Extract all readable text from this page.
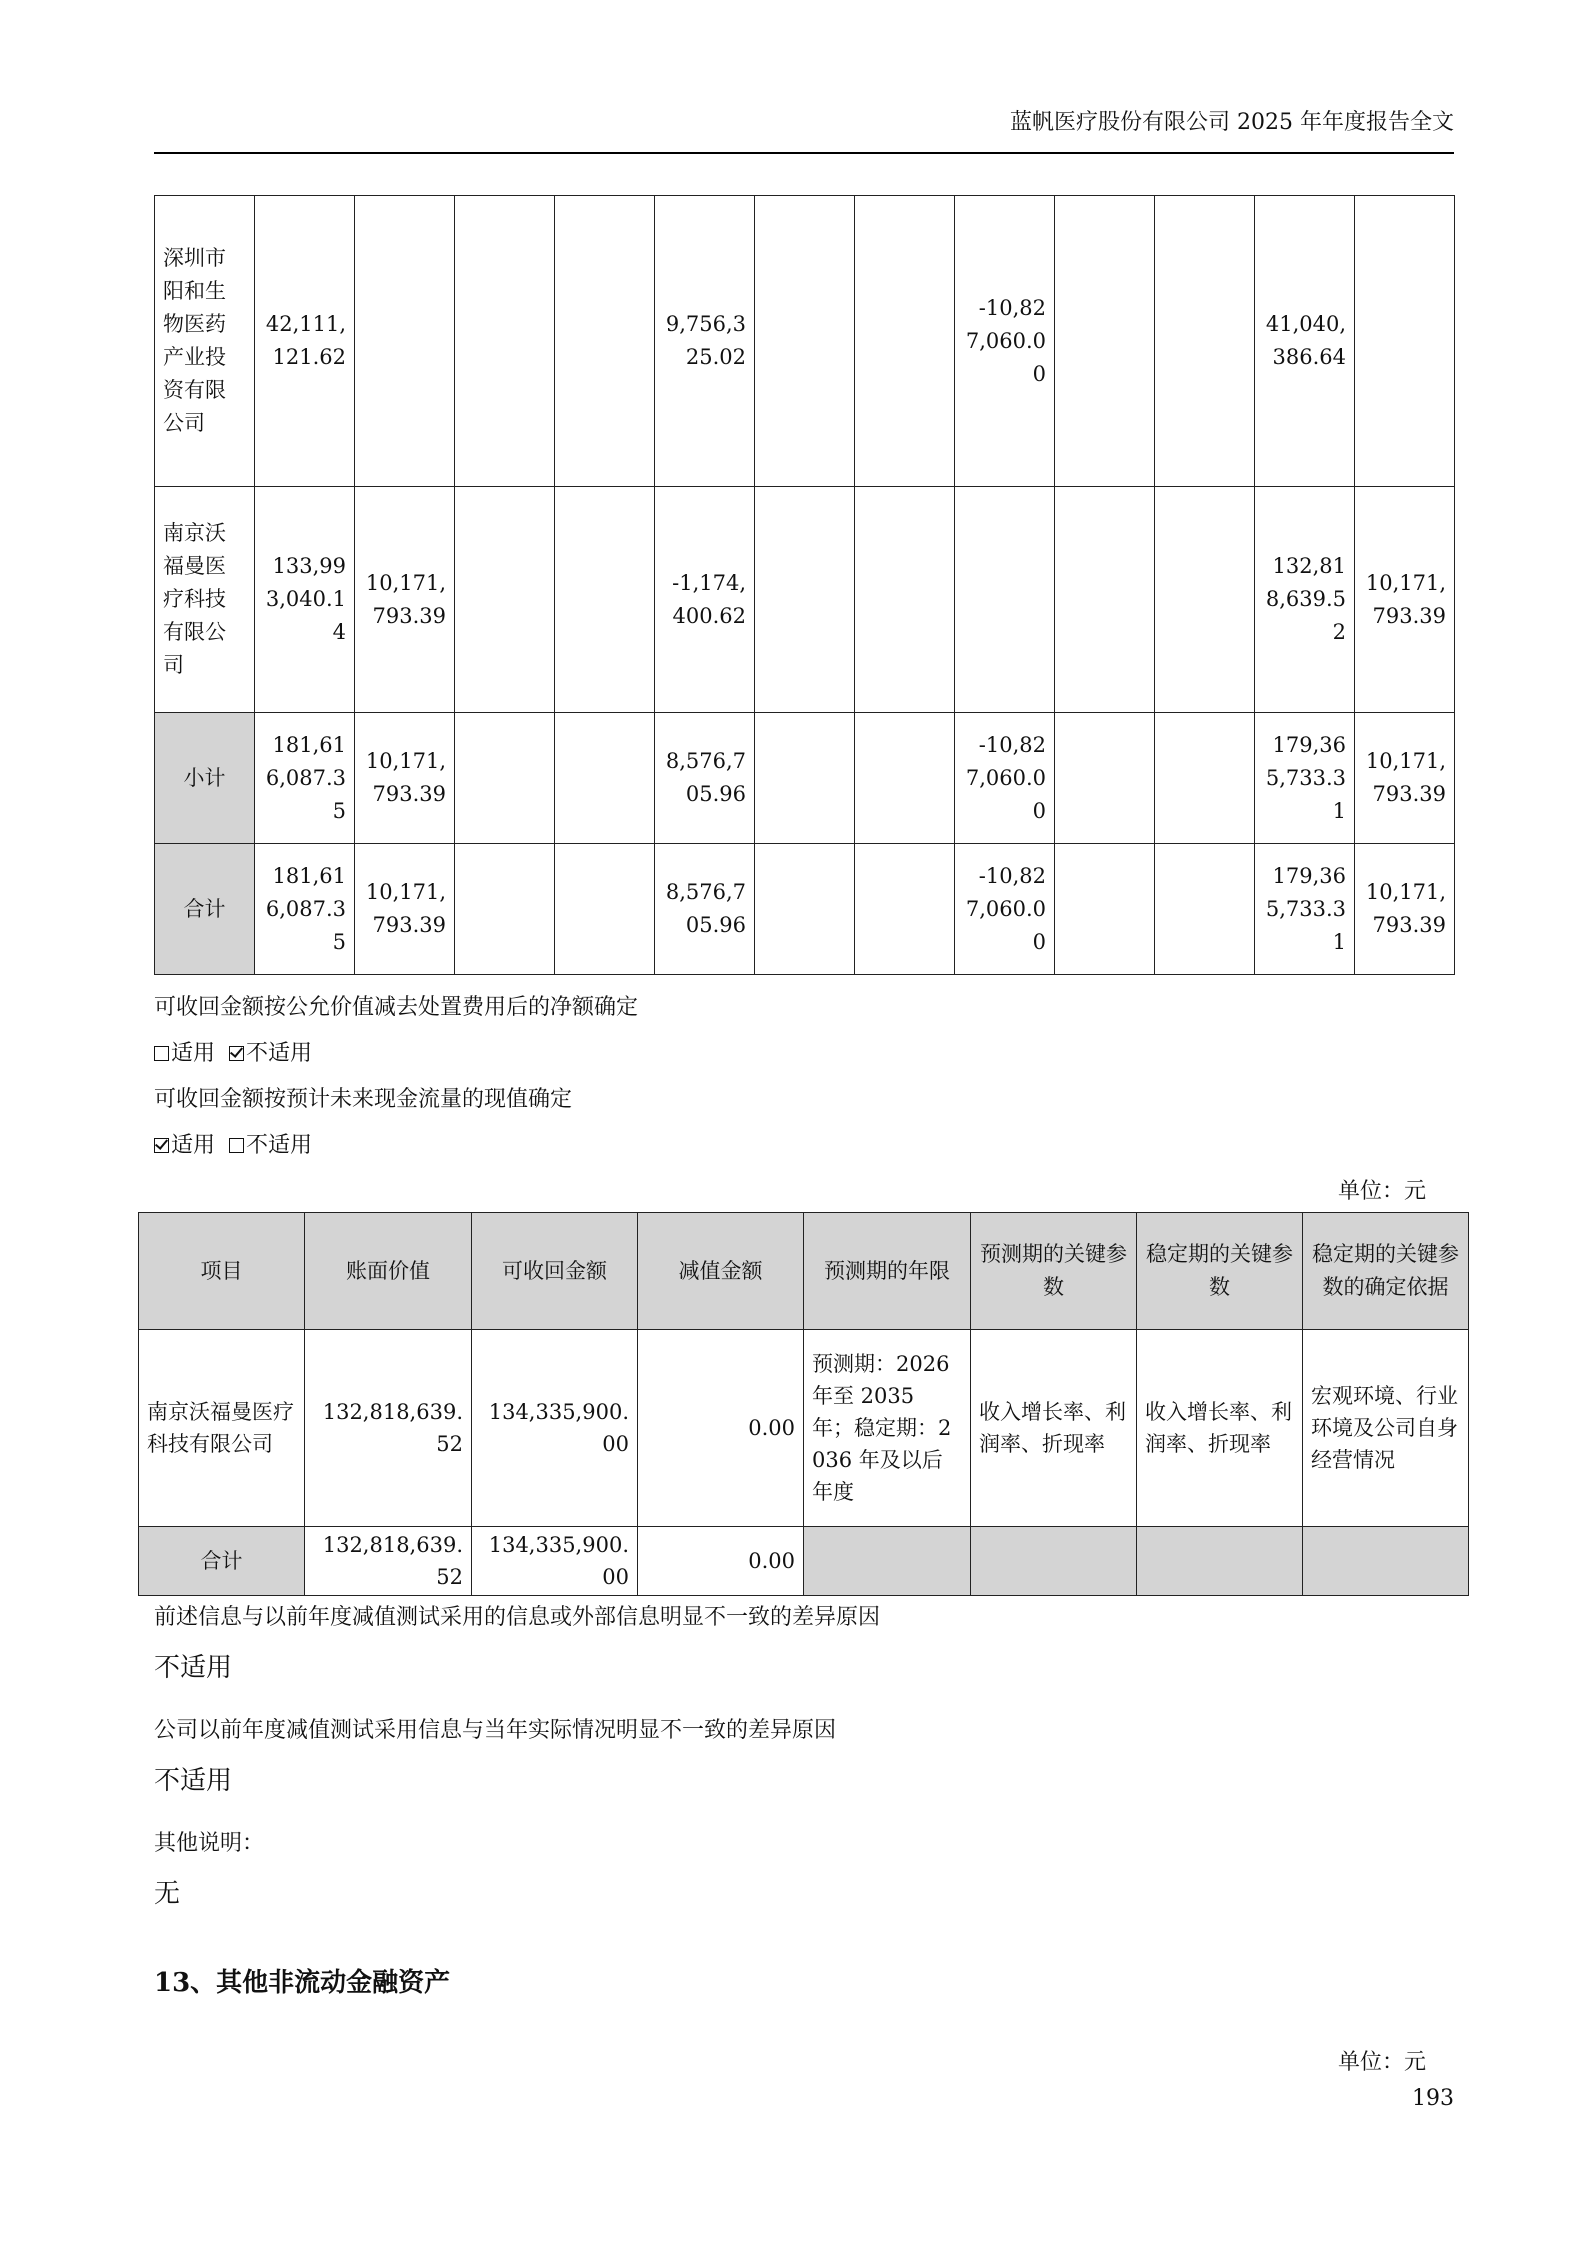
蓝帆医疗股份有限公司 2025 年年度报告全文
深圳市阳和生物医药产业投资有限公司	42,111,121.62				9,756,325.02			-10,827,060.00			41,040,386.64	
南京沃福曼医疗科技有限公司	133,993,040.14	10,171,793.39			-1,174,400.62						132,818,639.52	10,171,793.39
小计	181,616,087.35	10,171,793.39			8,576,705.96			-10,827,060.00			179,365,733.31	10,171,793.39
合计	181,616,087.35	10,171,793.39			8,576,705.96			-10,827,060.00			179,365,733.31	10,171,793.39
可收回金额按公允价值减去处置费用后的净额确定
适用 不适用
可收回金额按预计未来现金流量的现值确定
适用 不适用
单位：元
项目	账面价值	可收回金额	减值金额	预测期的年限	预测期的关键参数	稳定期的关键参数	稳定期的关键参数的确定依据
南京沃福曼医疗科技有限公司	132,818,639.52	134,335,900.00	0.00	预测期：2026 年至 2035 年；稳定期：2036 年及以后年度	收入增长率、利润率、折现率	收入增长率、利润率、折现率	宏观环境、行业环境及公司自身经营情况
合计	132,818,639.52	134,335,900.00	0.00				
前述信息与以前年度减值测试采用的信息或外部信息明显不一致的差异原因
不适用
公司以前年度减值测试采用信息与当年实际情况明显不一致的差异原因
不适用
其他说明：
无
13、其他非流动金融资产
单位：元
193
